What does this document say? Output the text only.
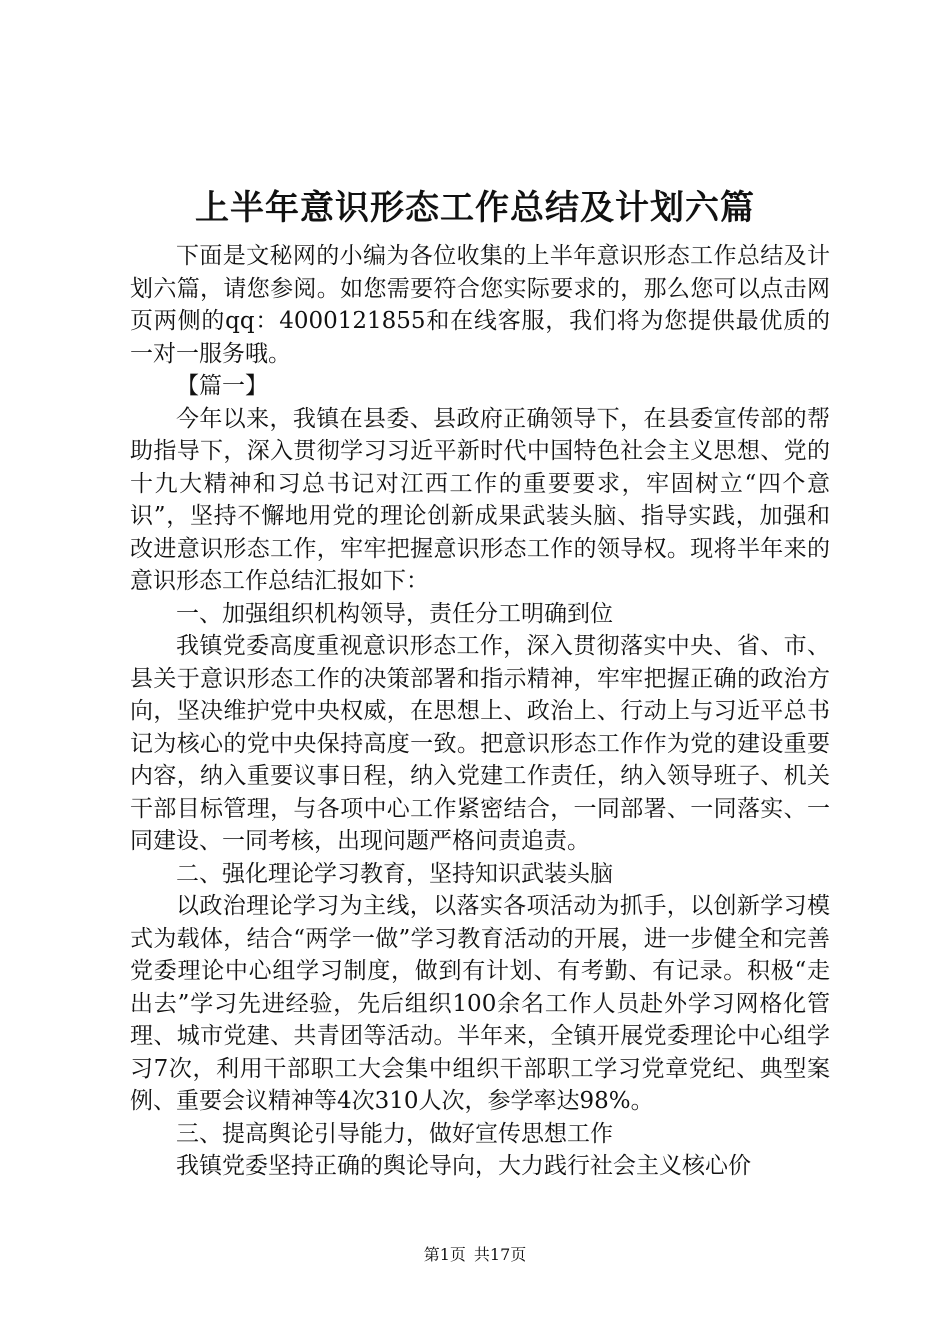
上半年意识形态工作总结及计划六篇

下面是文秘网的小编为各位收集的上半年意识形态工作总结及计划六篇，请您参阅。如您需要符合您实际要求的，那么您可以点击网页两侧的qq：4000121855和在线客服，我们将为您提供最优质的一对一服务哦。

【篇一】

今年以来，我镇在县委、县政府正确领导下，在县委宣传部的帮助指导下，深入贯彻学习习近平新时代中国特色社会主义思想、党的十九大精神和习总书记对江西工作的重要要求，牢固树立“四个意识”，坚持不懈地用党的理论创新成果武装头脑、指导实践，加强和改进意识形态工作，牢牢把握意识形态工作的领导权。现将半年来的意识形态工作总结汇报如下：

一、加强组织机构领导，责任分工明确到位

我镇党委高度重视意识形态工作，深入贯彻落实中央、省、市、县关于意识形态工作的决策部署和指示精神，牢牢把握正确的政治方向，坚决维护党中央权威，在思想上、政治上、行动上与习近平总书记为核心的党中央保持高度一致。把意识形态工作作为党的建设重要内容，纳入重要议事日程，纳入党建工作责任，纳入领导班子、机关干部目标管理，与各项中心工作紧密结合，一同部署、一同落实、一同建设、一同考核，出现问题严格问责追责。

二、强化理论学习教育，坚持知识武装头脑

以政治理论学习为主线，以落实各项活动为抓手，以创新学习模式为载体，结合“两学一做”学习教育活动的开展，进一步健全和完善党委理论中心组学习制度，做到有计划、有考勤、有记录。积极“走出去”学习先进经验，先后组织100余名工作人员赴外学习网格化管理、城市党建、共青团等活动。半年来，全镇开展党委理论中心组学习7次，利用干部职工大会集中组织干部职工学习党章党纪、典型案例、重要会议精神等4次310人次，参学率达98%。

三、提高舆论引导能力，做好宣传思想工作

我镇党委坚持正确的舆论导向，大力践行社会主义核心价

第1页 共17页
